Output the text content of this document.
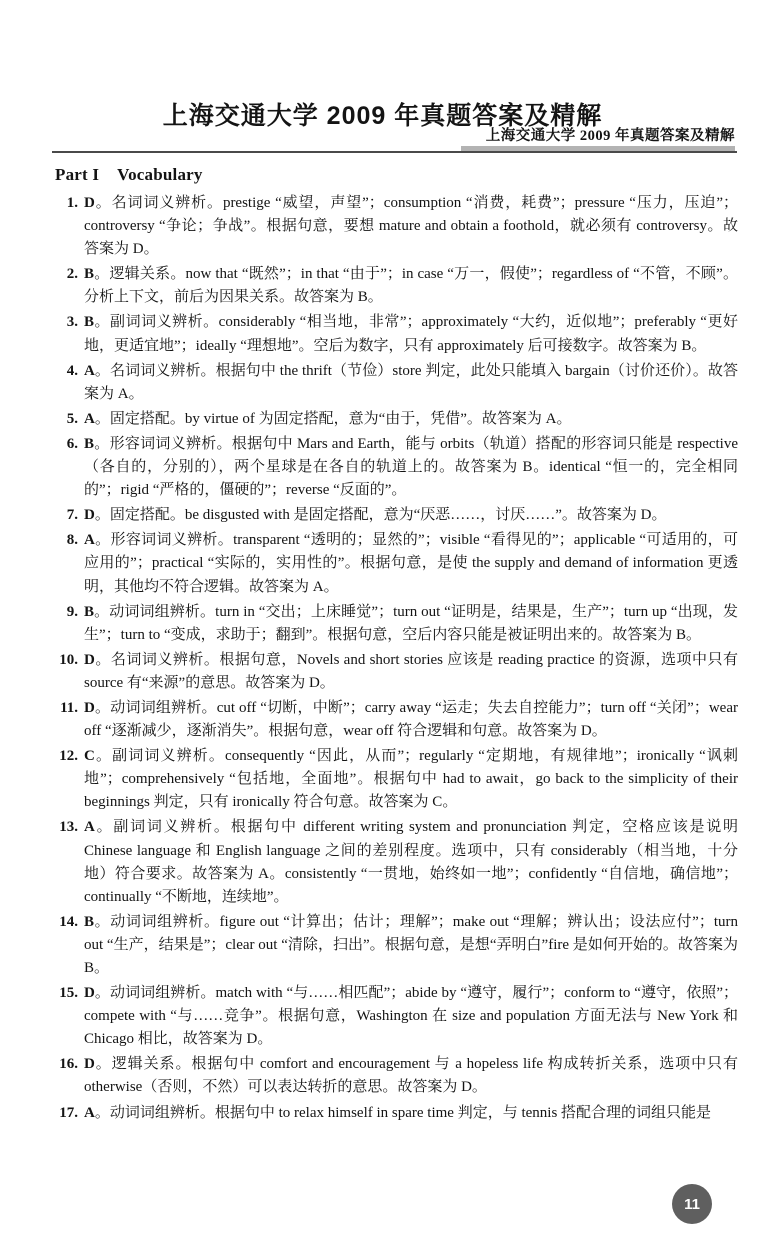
上海交通大学 2009 年真题答案及精解
上海交通大学 2009 年真题答案及精解
Part I Vocabulary
1. D。名词词义辨析。prestige “威望，声望”；consumption “消费，耗费”；pressure “压力，压迫”；controversy “争论；争战”。根据句意，要想 mature and obtain a foothold，就必须有 controversy。故答案为 D。
2. B。逻辑关系。now that “既然”；in that “由于”；in case “万一，假使”；regardless of “不管，不顾”。分析上下文，前后为因果关系。故答案为 B。
3. B。副词词义辨析。considerably “相当地，非常”；approximately “大约，近似地”；preferably “更好地，更适宜地”；ideally “理想地”。空后为数字，只有 approximately 后可接数字。故答案为 B。
4. A。名词词义辨析。根据句中 the thrift（节俭）store 判定，此处只能填入 bargain（讨价还价）。故答案为 A。
5. A。固定搭配。by virtue of 为固定搭配，意为“由于，凭借”。故答案为 A。
6. B。形容词词义辨析。根据句中 Mars and Earth，能与 orbits（轨道）搭配的形容词只能是 respective（各自的，分别的），两个星球是在各自的轨道上的。故答案为 B。identical “恒一的，完全相同的”；rigid “严格的，僵硬的”；reverse “反面的”。
7. D。固定搭配。be disgusted with 是固定搭配，意为“厌恶……，讨厌……”。故答案为 D。
8. A。形容词词义辨析。transparent “透明的；显然的”；visible “看得见的”；applicable “可适用的，可应用的”；practical “实际的，实用性的”。根据句意，是使 the supply and demand of information 更透明，其他均不符合逻辑。故答案为 A。
9. B。动词词组辨析。turn in “交出；上床睡觉”；turn out “证明是，结果是，生产”；turn up “出现，发生”；turn to “变成，求助于；翻到”。根据句意，空后内容只能是被证明出来的。故答案为 B。
10. D。名词词义辨析。根据句意，Novels and short stories 应该是 reading practice 的资源，选项中只有 source 有“来源”的意思。故答案为 D。
11. D。动词词组辨析。cut off “切断，中断”；carry away “运走；失去自控能力”；turn off “关闭”；wear off “逐渐减少，逐渐消失”。根据句意，wear off 符合逻辑和句意。故答案为 D。
12. C。副词词义辨析。consequently “因此，从而”；regularly “定期地，有规律地”；ironically “讽刺地”；comprehensively “包括地，全面地”。根据句中 had to await，go back to the simplicity of their beginnings 判定，只有 ironically 符合句意。故答案为 C。
13. A。副词词义辨析。根据句中 different writing system and pronunciation 判定，空格应该是说明 Chinese language 和 English language 之间的差别程度。选项中，只有 considerably（相当地，十分地）符合要求。故答案为 A。consistently “一贯地，始终如一地”；confidently “自信地，确信地”；continually “不断地，连续地”。
14. B。动词词组辨析。figure out “计算出；估计；理解”；make out “理解；辨认出；设法应付”；turn out “生产，结果是”；clear out “清除，扫出”。根据句意，是想“弄明白”fire 是如何开始的。故答案为 B。
15. D。动词词组辨析。match with “与……相匹配”；abide by “遵守，履行”；conform to “遵守，依照”；compete with “与……竞争”。根据句意，Washington 在 size and population 方面无法与 New York 和 Chicago 相比，故答案为 D。
16. D。逻辑关系。根据句中 comfort and encouragement 与 a hopeless life 构成转折关系，选项中只有 otherwise（否则，不然）可以表达转折的意思。故答案为 D。
17. A。动词词组辨析。根据句中 to relax himself in spare time 判定，与 tennis 搭配合理的词组只能是
11
